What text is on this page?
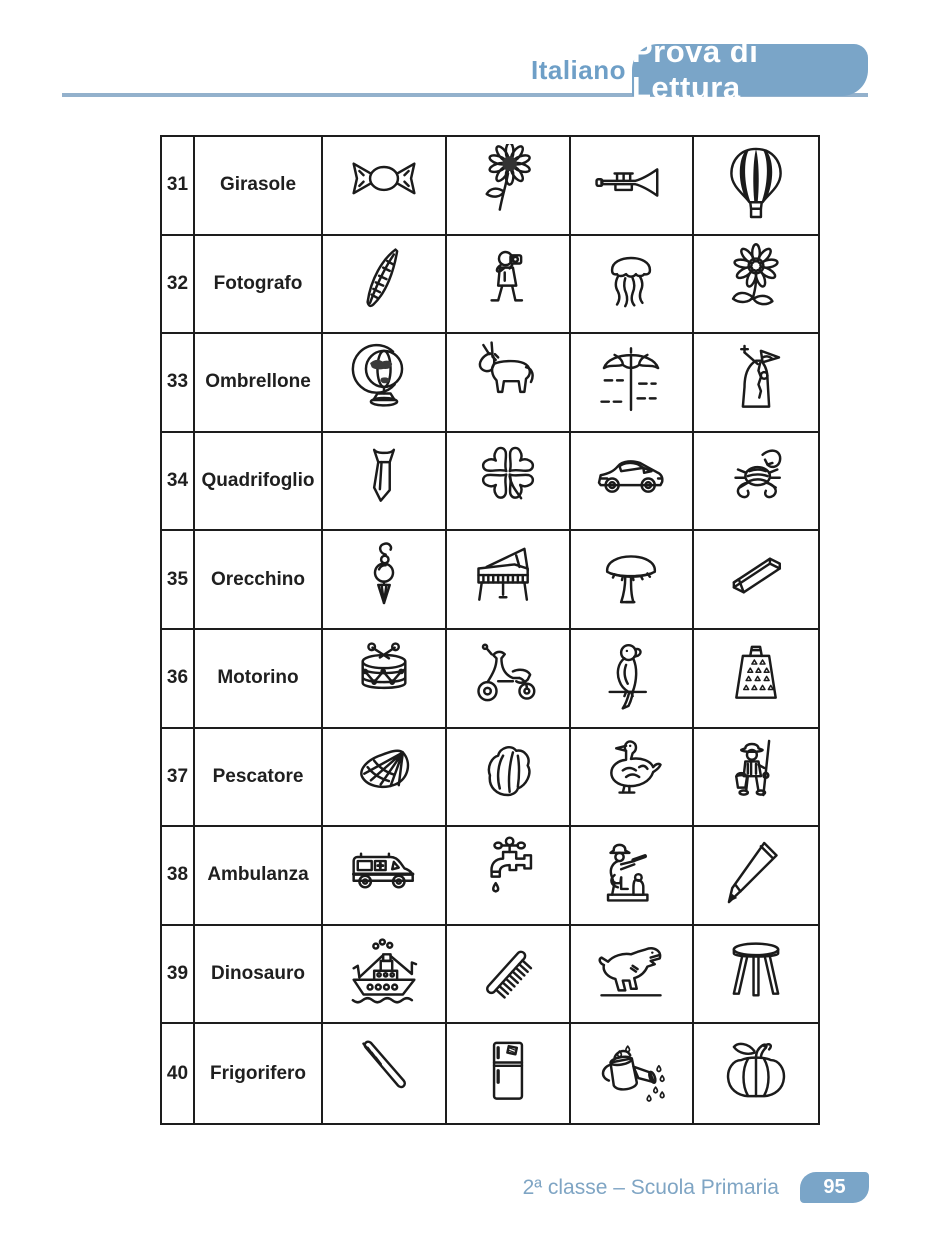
Italiano
Prova di Lettura
31	Girasole
32	Fotografo
33 Ombrellone
34 Quadrifoglio
35	Orecchino
36	Motorino
37	Pescatore
38	Ambulanza
39	Dinosauro
40	Frigorifero
2ª classe – Scuola Primaria 95
